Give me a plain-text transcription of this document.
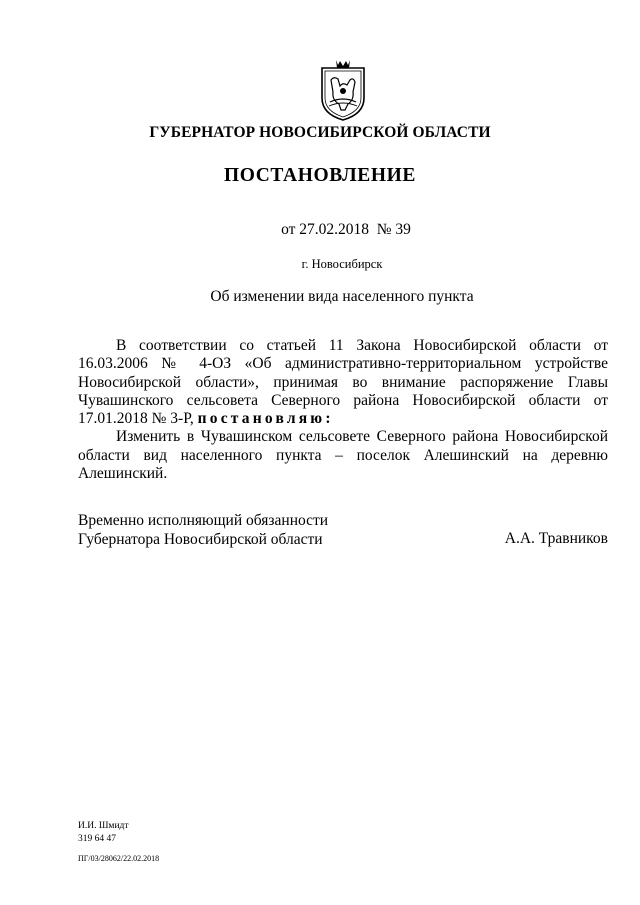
ГУБЕРНАТОР НОВОСИБИРСКОЙ ОБЛАСТИ
ПОСТАНОВЛЕНИЕ
от 27.02.2018  № 39
г. Новосибирск
Об изменении вида населенного пункта

В соответствии со статьей 11 Закона Новосибирской области от 16.03.2006 № 4-ОЗ «Об административно-территориальном устройстве Новосибирской области», принимая во внимание распоряжение Главы Чувашинского сельсовета Северного района Новосибирской области от 17.01.2018 № 3-Р, постановляю:

Изменить в Чувашинском сельсовете Северного района Новосибирской области вид населенного пункта – поселок Алешинский на деревню Алешинский.

Временно исполняющий обязанности
Губернатора Новосибирской области	А.А. Травников
И.И. Шмидт
319 64 47
ПГ/03/28062/22.02.2018
